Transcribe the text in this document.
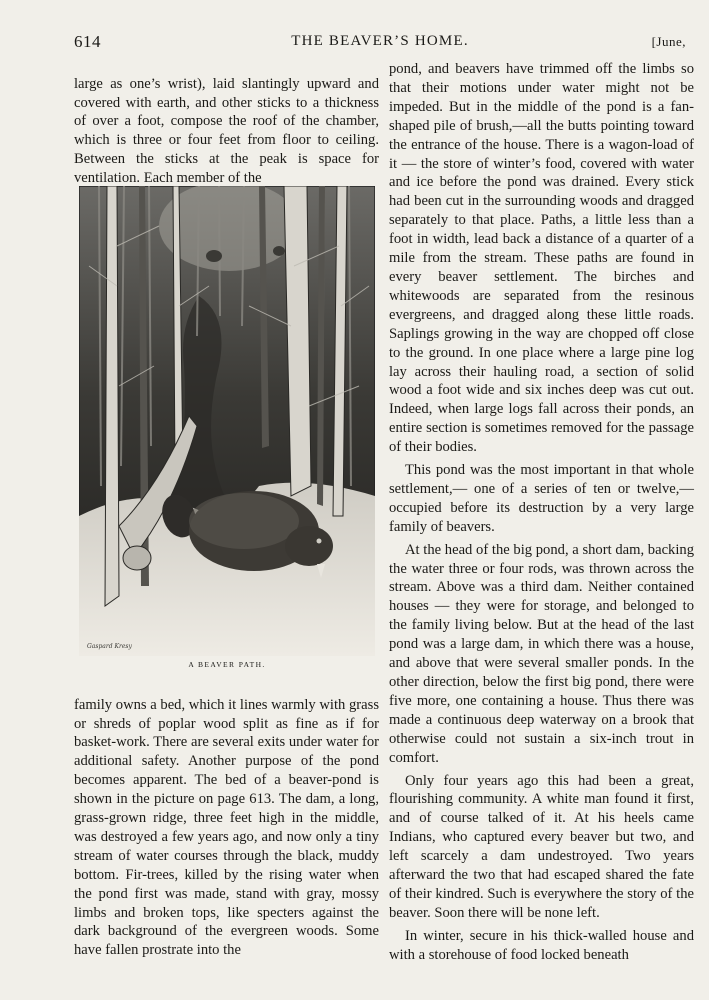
614	THE BEAVER’S HOME.	[June,

large as one’s wrist), laid slantingly upward and covered with earth, and other sticks to a thickness of over a foot, compose the roof of the chamber, which is three or four feet from floor to ceiling. Between the sticks at the peak is space for ventilation. Each member of the

Gaspard Kresy
A BEAVER PATH.

family owns a bed, which it lines warmly with grass or shreds of poplar wood split as fine as if for basket-work. There are several exits under water for additional safety. Another purpose of the pond becomes apparent. The bed of a beaver-pond is shown in the picture on page 613. The dam, a long, grass-grown ridge, three feet high in the middle, was destroyed a few years ago, and now only a tiny stream of water courses through the black, muddy bottom. Fir-trees, killed by the rising water when the pond first was made, stand with gray, mossy limbs and broken tops, like specters against the dark background of the evergreen woods. Some have fallen prostrate into the

pond, and beavers have trimmed off the limbs so that their motions under water might not be impeded. But in the middle of the pond is a fan-shaped pile of brush,—all the butts pointing toward the entrance of the house. There is a wagon-load of it — the store of winter’s food, covered with water and ice before the pond was drained. Every stick had been cut in the surrounding woods and dragged separately to that place. Paths, a little less than a foot in width, lead back a distance of a quarter of a mile from the stream. These paths are found in every beaver settlement. The birches and whitewoods are separated from the resinous evergreens, and dragged along these little roads. Saplings growing in the way are chopped off close to the ground. In one place where a large pine log lay across their hauling road, a section of solid wood a foot wide and six inches deep was cut out. Indeed, when large logs fall across their ponds, an entire section is sometimes removed for the passage of their bodies.

This pond was the most important in that whole settlement,— one of a series of ten or twelve,— occupied before its destruction by a very large family of beavers.

At the head of the big pond, a short dam, backing the water three or four rods, was thrown across the stream. Above was a third dam. Neither contained houses — they were for storage, and belonged to the family living below. But at the head of the last pond was a large dam, in which there was a house, and above that were several smaller ponds. In the other direction, below the first big pond, there were five more, one containing a house. Thus there was made a continuous deep waterway on a brook that otherwise could not sustain a six-inch trout in comfort.

Only four years ago this had been a great, flourishing community. A white man found it first, and of course talked of it. At his heels came Indians, who captured every beaver but two, and left scarcely a dam undestroyed. Two years afterward the two that had escaped shared the fate of their kindred. Such is everywhere the story of the beaver. Soon there will be none left.

In winter, secure in his thick-walled house and with a storehouse of food locked beneath
